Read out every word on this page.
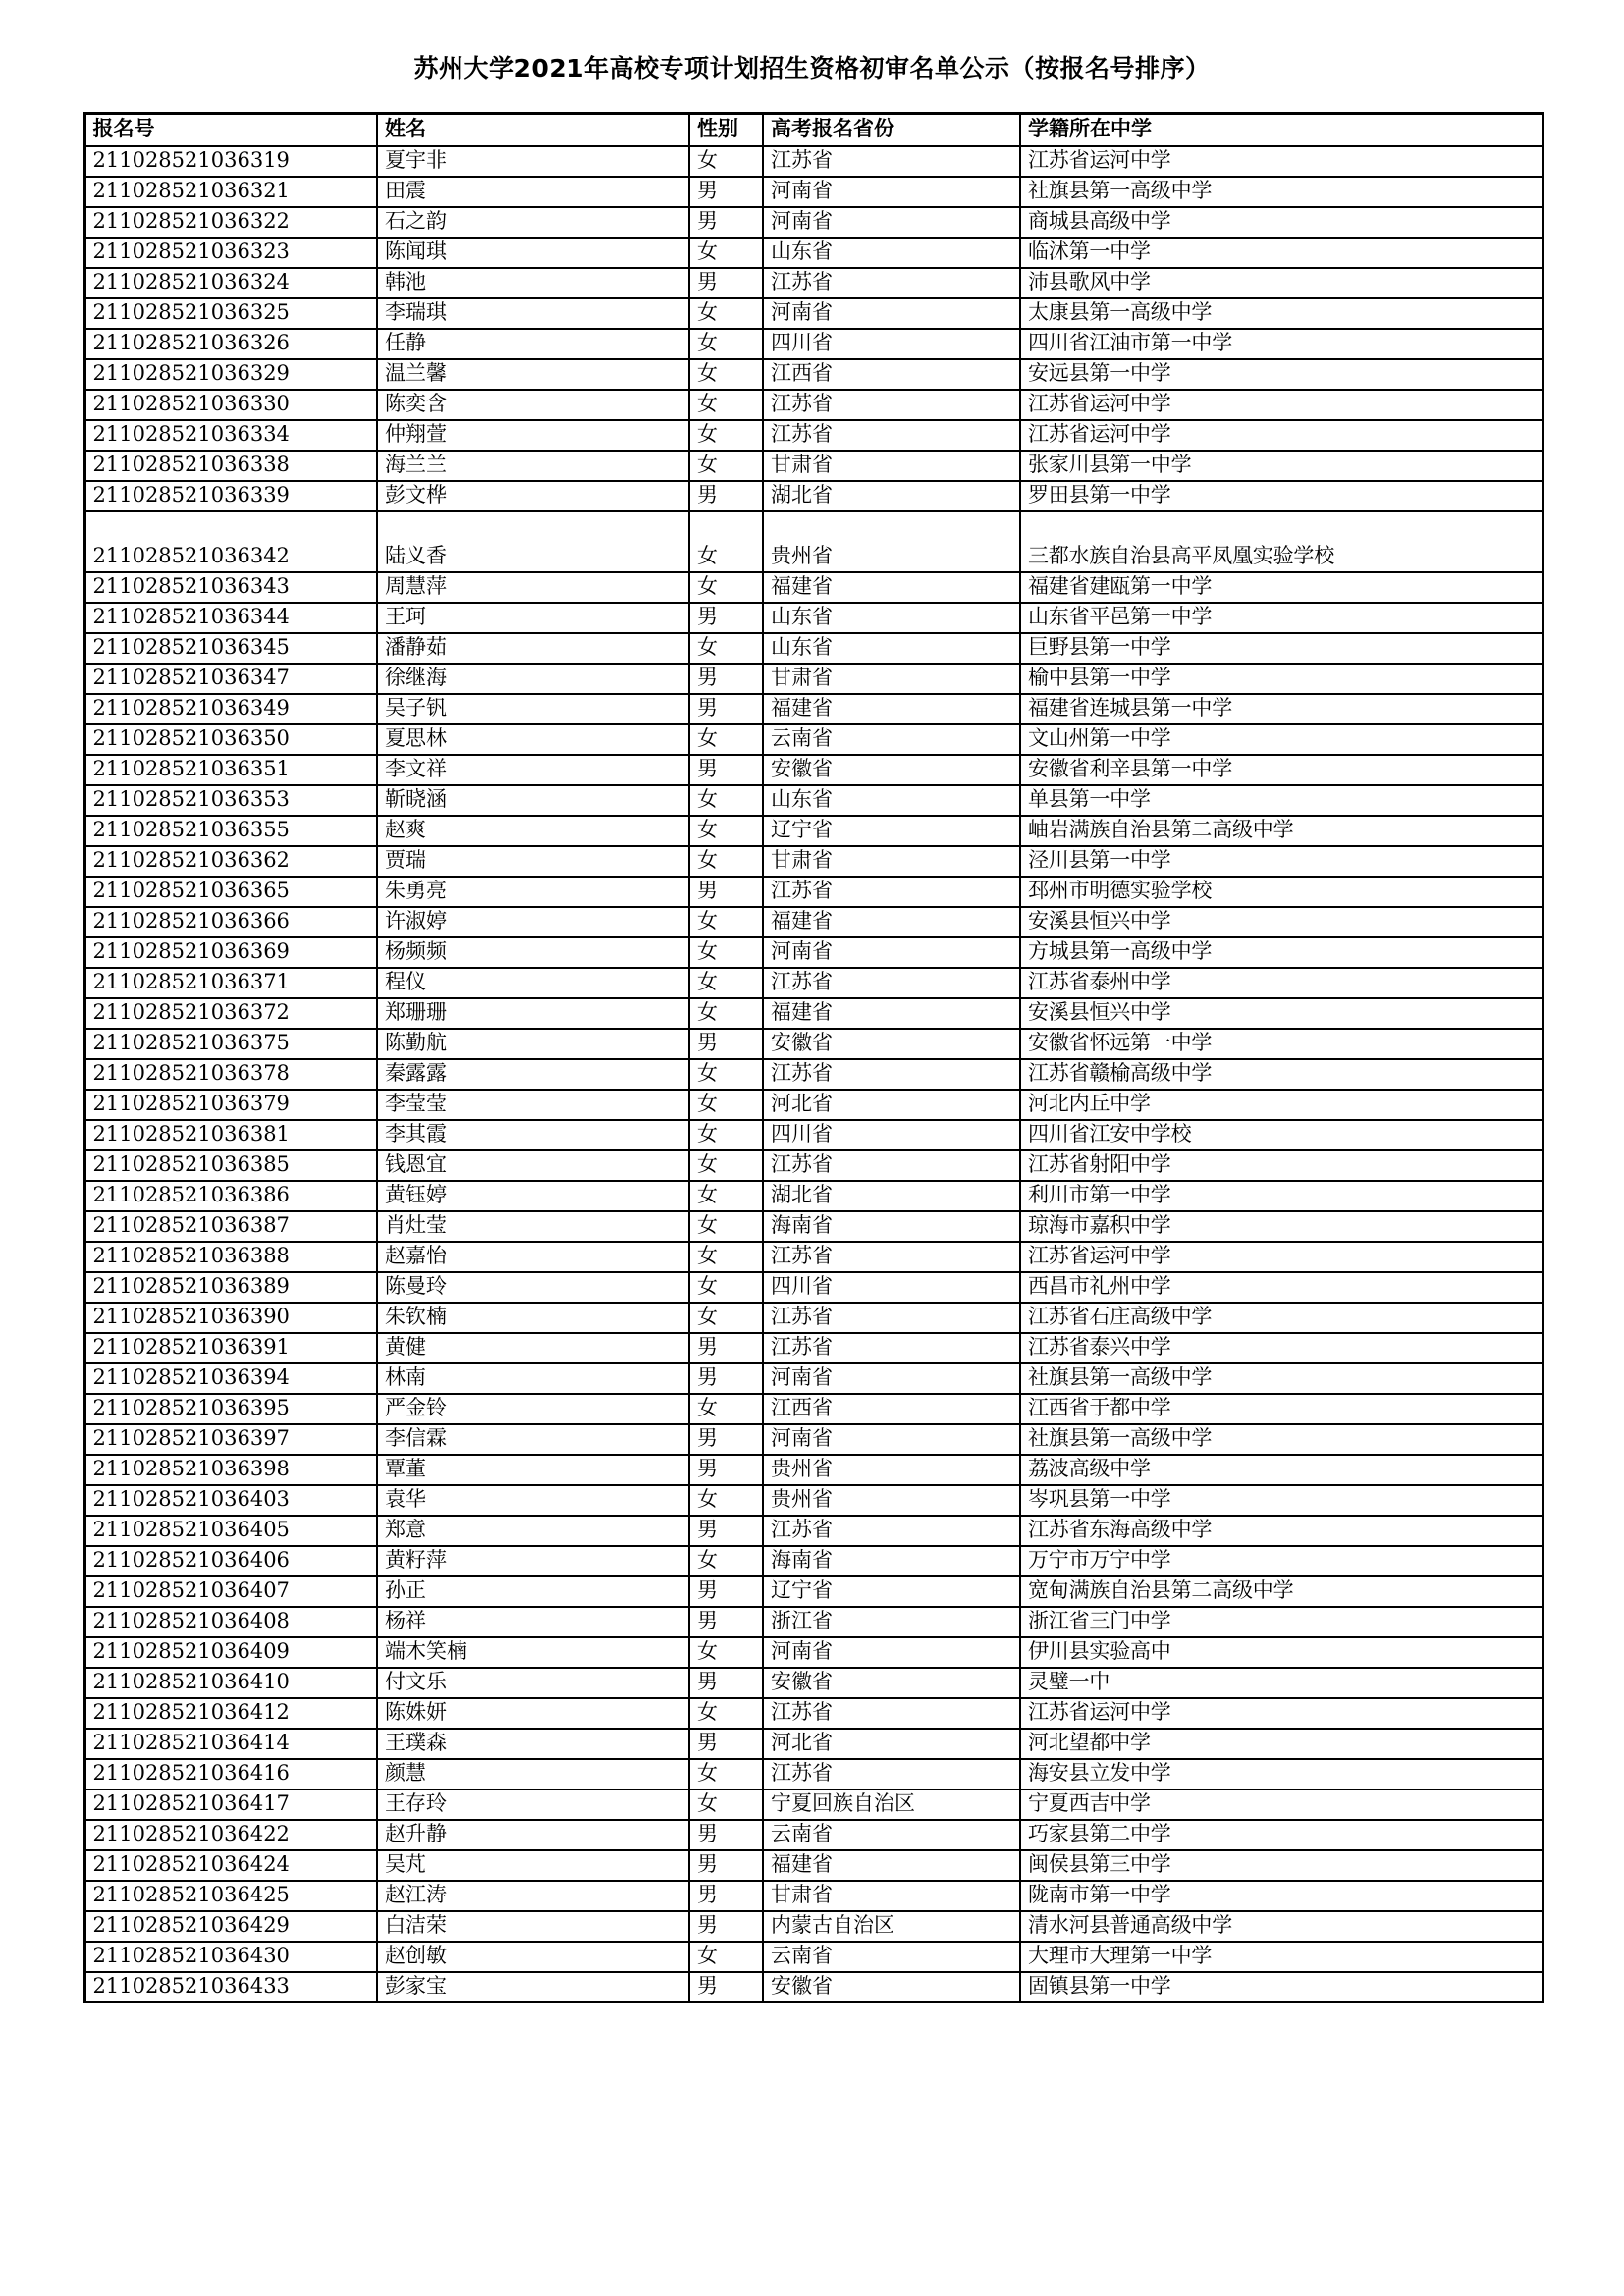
苏州大学2021年高校专项计划招生资格初审名单公示（按报名号排序）
报名号	姓名	性别	高考报名省份	学籍所在中学
211028521036319	夏宇非	女	江苏省	江苏省运河中学
211028521036321	田震	男	河南省	社旗县第一高级中学
211028521036322	石之韵	男	河南省	商城县高级中学
211028521036323	陈闻琪	女	山东省	临沭第一中学
211028521036324	韩池	男	江苏省	沛县歌风中学
211028521036325	李瑞琪	女	河南省	太康县第一高级中学
211028521036326	任静	女	四川省	四川省江油市第一中学
211028521036329	温兰馨	女	江西省	安远县第一中学
211028521036330	陈奕含	女	江苏省	江苏省运河中学
211028521036334	仲翔萱	女	江苏省	江苏省运河中学
211028521036338	海兰兰	女	甘肃省	张家川县第一中学
211028521036339	彭文桦	男	湖北省	罗田县第一中学
211028521036342	陆义香	女	贵州省	三都水族自治县高平凤凰实验学校
211028521036343	周慧萍	女	福建省	福建省建瓯第一中学
211028521036344	王珂	男	山东省	山东省平邑第一中学
211028521036345	潘静茹	女	山东省	巨野县第一中学
211028521036347	徐继海	男	甘肃省	榆中县第一中学
211028521036349	吴子钒	男	福建省	福建省连城县第一中学
211028521036350	夏思林	女	云南省	文山州第一中学
211028521036351	李文祥	男	安徽省	安徽省利辛县第一中学
211028521036353	靳晓涵	女	山东省	单县第一中学
211028521036355	赵爽	女	辽宁省	岫岩满族自治县第二高级中学
211028521036362	贾瑞	女	甘肃省	泾川县第一中学
211028521036365	朱勇亮	男	江苏省	邳州市明德实验学校
211028521036366	许淑婷	女	福建省	安溪县恒兴中学
211028521036369	杨频频	女	河南省	方城县第一高级中学
211028521036371	程仪	女	江苏省	江苏省泰州中学
211028521036372	郑珊珊	女	福建省	安溪县恒兴中学
211028521036375	陈勤航	男	安徽省	安徽省怀远第一中学
211028521036378	秦露露	女	江苏省	江苏省赣榆高级中学
211028521036379	李莹莹	女	河北省	河北内丘中学
211028521036381	李其霞	女	四川省	四川省江安中学校
211028521036385	钱恩宜	女	江苏省	江苏省射阳中学
211028521036386	黄钰婷	女	湖北省	利川市第一中学
211028521036387	肖灶莹	女	海南省	琼海市嘉积中学
211028521036388	赵嘉怡	女	江苏省	江苏省运河中学
211028521036389	陈曼玲	女	四川省	西昌市礼州中学
211028521036390	朱钦楠	女	江苏省	江苏省石庄高级中学
211028521036391	黄健	男	江苏省	江苏省泰兴中学
211028521036394	林南	男	河南省	社旗县第一高级中学
211028521036395	严金铃	女	江西省	江西省于都中学
211028521036397	李信霖	男	河南省	社旗县第一高级中学
211028521036398	覃董	男	贵州省	荔波高级中学
211028521036403	袁华	女	贵州省	岑巩县第一中学
211028521036405	郑意	男	江苏省	江苏省东海高级中学
211028521036406	黄籽萍	女	海南省	万宁市万宁中学
211028521036407	孙正	男	辽宁省	宽甸满族自治县第二高级中学
211028521036408	杨祥	男	浙江省	浙江省三门中学
211028521036409	端木笑楠	女	河南省	伊川县实验高中
211028521036410	付文乐	男	安徽省	灵璧一中
211028521036412	陈姝妍	女	江苏省	江苏省运河中学
211028521036414	王璞森	男	河北省	河北望都中学
211028521036416	颜慧	女	江苏省	海安县立发中学
211028521036417	王存玲	女	宁夏回族自治区	宁夏西吉中学
211028521036422	赵升静	男	云南省	巧家县第二中学
211028521036424	吴芃	男	福建省	闽侯县第三中学
211028521036425	赵江涛	男	甘肃省	陇南市第一中学
211028521036429	白洁荣	男	内蒙古自治区	清水河县普通高级中学
211028521036430	赵创敏	女	云南省	大理市大理第一中学
211028521036433	彭家宝	男	安徽省	固镇县第一中学
